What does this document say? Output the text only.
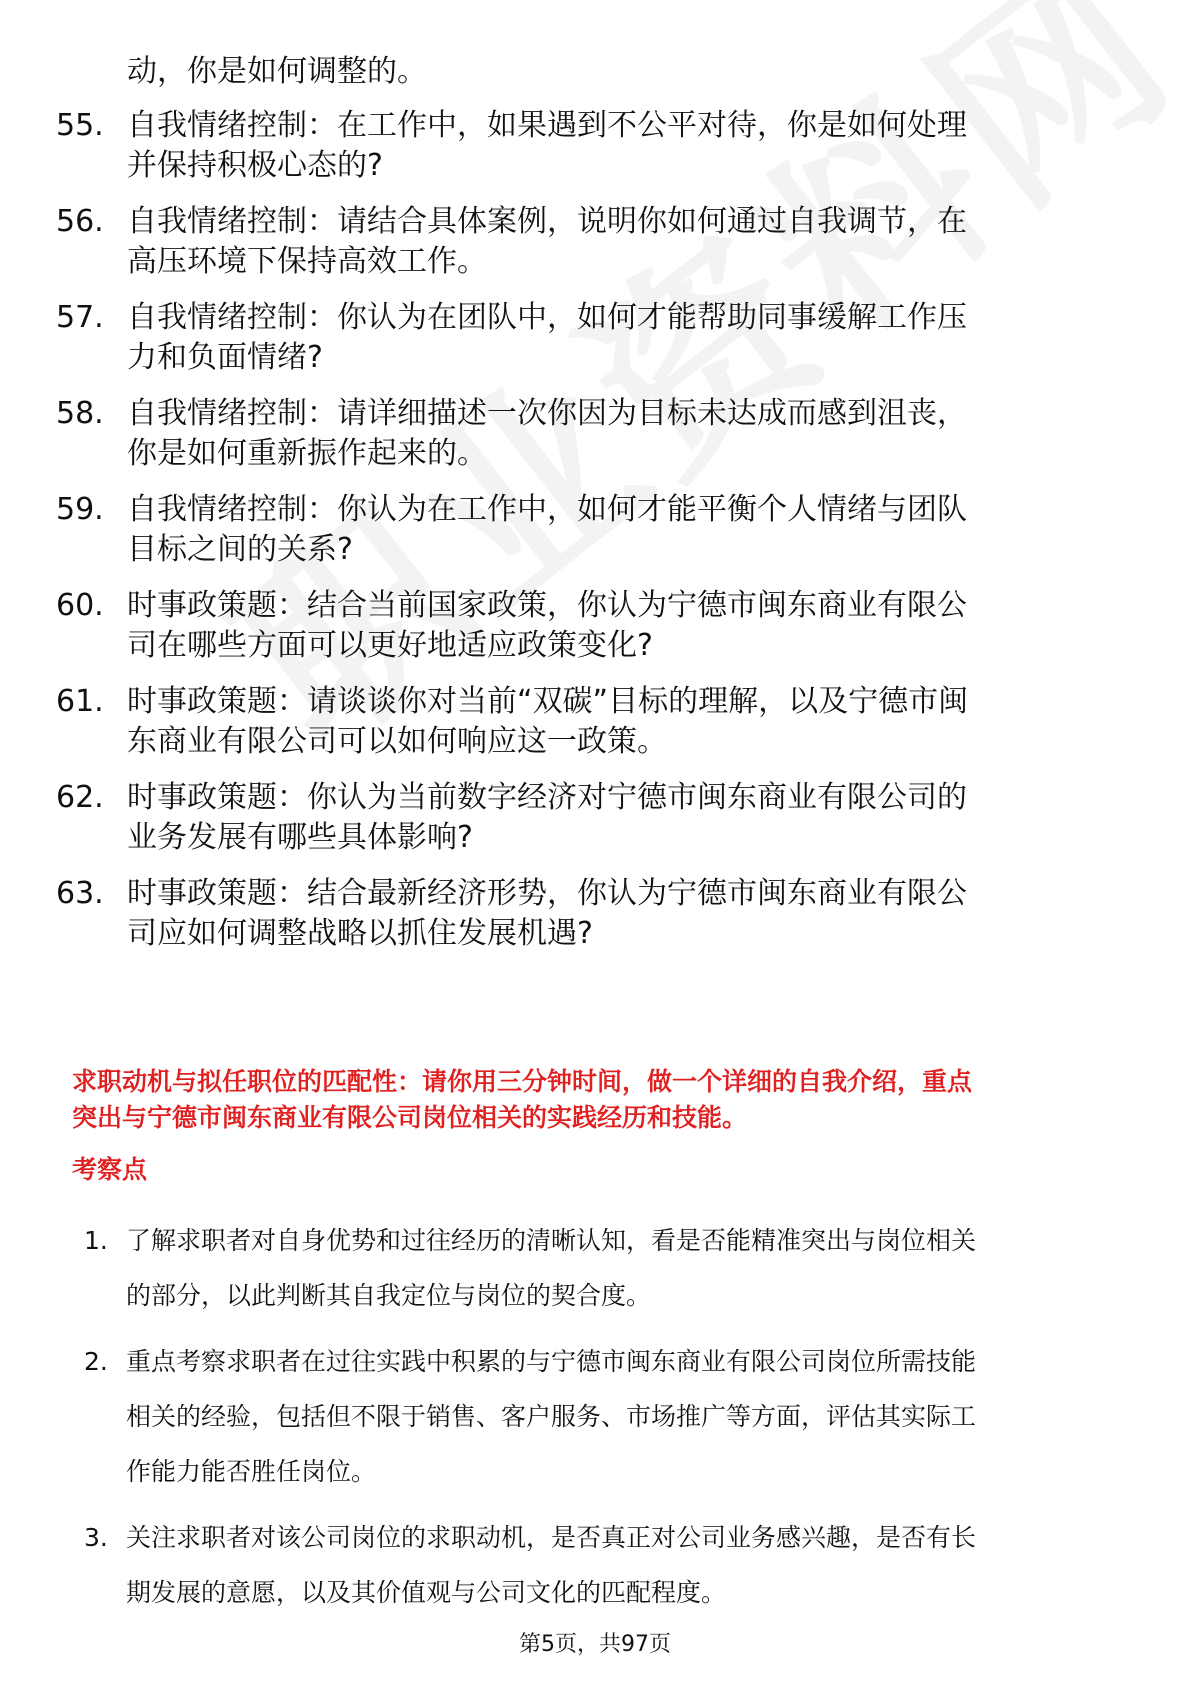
动，你是如何调整的。
55. 自我情绪控制：在工作中，如果遇到不公平对待，你是如何处理
并保持积极心态的?
56. 自我情绪控制：请结合具体案例，说明你如何通过自我调节，在
高压环境下保持高效工作。
57. 自我情绪控制：你认为在团队中，如何才能帮助同事缓解工作压
力和负面情绪?
58. 自我情绪控制：请详细描述一次你因为目标未达成而感到沮丧，
你是如何重新振作起来的。
59. 自我情绪控制：你认为在工作中，如何才能平衡个人情绪与团队
目标之间的关系?
60. 时事政策题：结合当前国家政策，你认为宁德市闽东商业有限公
司在哪些方面可以更好地适应政策变化?
61. 时事政策题：请谈谈你对当前“双碳”目标的理解，以及宁德市闽
东商业有限公司可以如何响应这一政策。
62. 时事政策题：你认为当前数字经济对宁德市闽东商业有限公司的
业务发展有哪些具体影响?
63. 时事政策题：结合最新经济形势，你认为宁德市闽东商业有限公
司应如何调整战略以抓住发展机遇?
求职动机与拟任职位的匹配性：请你用三分钟时间，做一个详细的自我介绍，重点
突出与宁德市闽东商业有限公司岗位相关的实践经历和技能。
考察点
1. 了解求职者对自身优势和过往经历的清晰认知，看是否能精准突出与岗位相关
的部分，以此判断其自我定位与岗位的契合度。
2. 重点考察求职者在过往实践中积累的与宁德市闽东商业有限公司岗位所需技能
相关的经验，包括但不限于销售、客户服务、市场推广等方面，评估其实际工
作能力能否胜任岗位。
3. 关注求职者对该公司岗位的求职动机，是否真正对公司业务感兴趣，是否有长
期发展的意愿，以及其价值观与公司文化的匹配程度。
第5页，共97页
